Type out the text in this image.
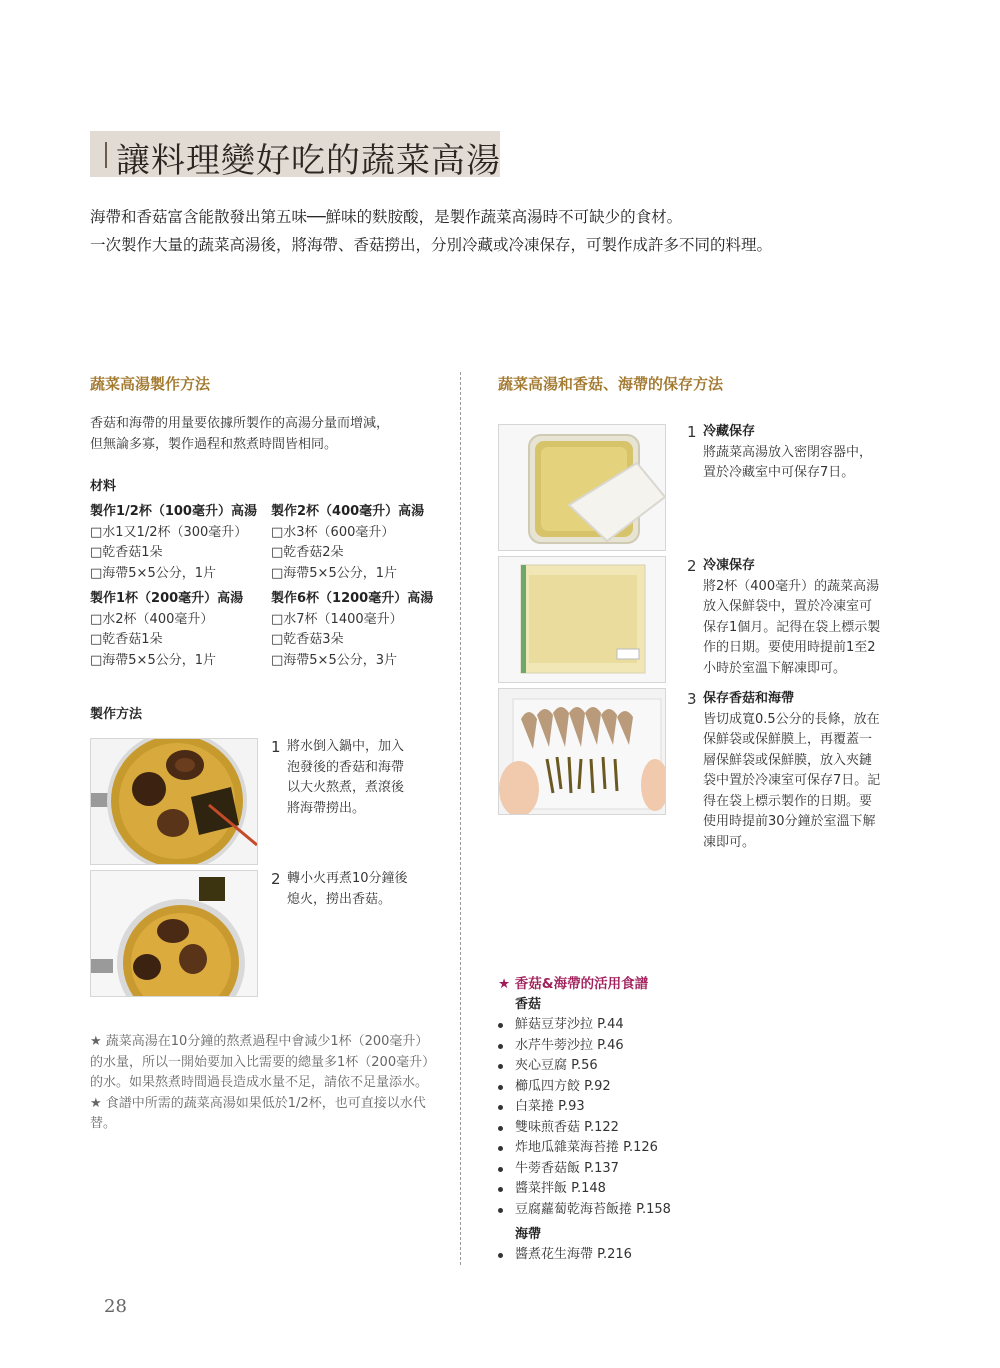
讓料理變好吃的蔬菜高湯
海帶和香菇富含能散發出第五味──鮮味的麩胺酸，是製作蔬菜高湯時不可缺少的食材。
一次製作大量的蔬菜高湯後，將海帶、香菇撈出，分別冷藏或冷凍保存，可製作成許多不同的料理。
蔬菜高湯製作方法
香菇和海帶的用量要依據所製作的高湯分量而增減，
但無論多寡，製作過程和熬煮時間皆相同。
材料
製作1/2杯（100毫升）高湯
□水1又1/2杯（300毫升）
□乾香菇1朵
□海帶5×5公分，1片
製作2杯（400毫升）高湯
□水3杯（600毫升）
□乾香菇2朵
□海帶5×5公分，1片
製作1杯（200毫升）高湯
□水2杯（400毫升）
□乾香菇1朵
□海帶5×5公分，1片
製作6杯（1200毫升）高湯
□水7杯（1400毫升）
□乾香菇3朵
□海帶5×5公分，3片
製作方法
1 將水倒入鍋中，加入
泡發後的香菇和海帶
以大火熬煮，煮滾後
將海帶撈出。
2 轉小火再煮10分鐘後
熄火，撈出香菇。

★ 蔬菜高湯在10分鐘的熬煮過程中會減少1杯（200毫升）的水量，所以一開始要加入比需要的總量多1杯（200毫升）的水。如果熬煮時間過長造成水量不足，請依不足量添水。

★ 食譜中所需的蔬菜高湯如果低於1/2杯，也可直接以水代替。

蔬菜高湯和香菇、海帶的保存方法
1 冷藏保存
將蔬菜高湯放入密閉容器中，
置於冷藏室中可保存7日。
2 冷凍保存
將2杯（400毫升）的蔬菜高湯
放入保鮮袋中，置於冷凍室可
保存1個月。記得在袋上標示製
作的日期。要使用時提前1至2
小時於室溫下解凍即可。
3 保存香菇和海帶
皆切成寬0.5公分的長條，放在
保鮮袋或保鮮膜上，再覆蓋一
層保鮮袋或保鮮膜，放入夾鏈
袋中置於冷凍室可保存7日。記
得在袋上標示製作的日期。要
使用時提前30分鐘於室溫下解
凍即可。
★ 香菇&海帶的活用食譜
香菇
鮮菇豆芽沙拉 P.44
水芹牛蒡沙拉 P.46
夾心豆腐 P.56
櫛瓜四方餃 P.92
白菜捲 P.93
雙味煎香菇 P.122
炸地瓜雜菜海苔捲 P.126
牛蒡香菇飯 P.137
醬菜拌飯 P.148
豆腐蘿蔔乾海苔飯捲 P.158
海帶
醬煮花生海帶 P.216
28
